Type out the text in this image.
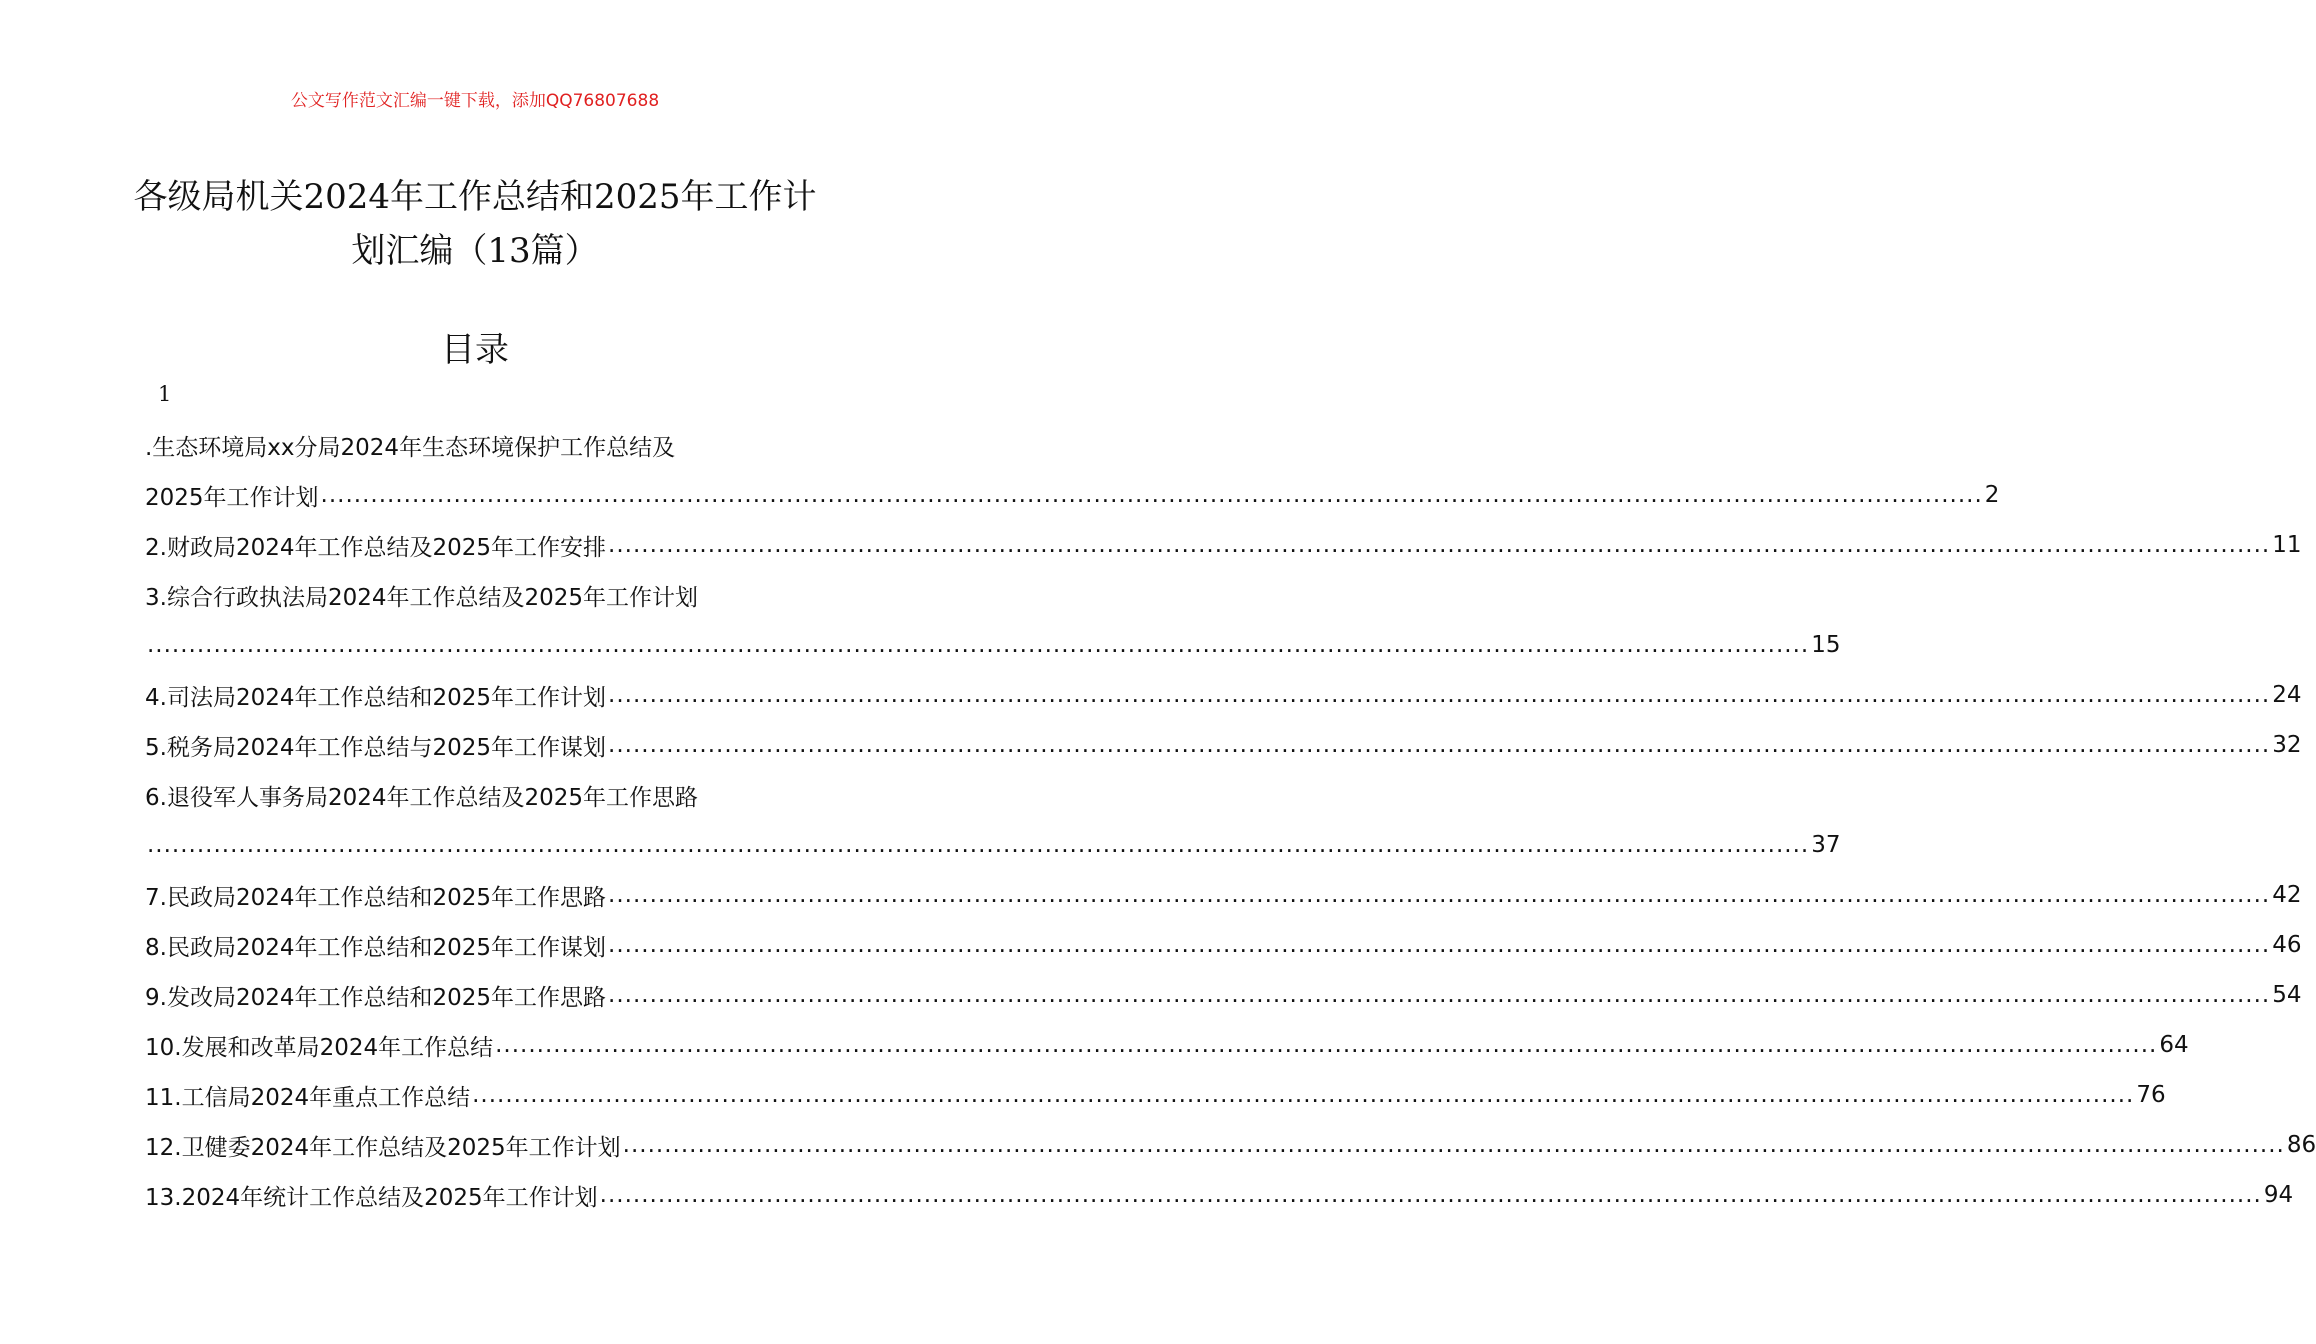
公文写作范文汇编一键下载，添加QQ76807688
各级局机关2024年工作总结和2025年工作计划汇编（13篇）
目录
1
.生态环境局xx分局2024年生态环境保护工作总结及
2025年工作计划 ........................................................................................................................................................................................................ 2
2.财政局2024年工作总结及2025年工作安排 ........................................................................................................................................................................................................ 11
3.综合行政执法局2024年工作总结及2025年工作计划
........................................................................................................................................................................................................ 15
4.司法局2024年工作总结和2025年工作计划 ........................................................................................................................................................................................................ 24
5.税务局2024年工作总结与2025年工作谋划 ........................................................................................................................................................................................................ 32
6.退役军人事务局2024年工作总结及2025年工作思路
........................................................................................................................................................................................................ 37
7.民政局2024年工作总结和2025年工作思路 ........................................................................................................................................................................................................ 42
8.民政局2024年工作总结和2025年工作谋划 ........................................................................................................................................................................................................ 46
9.发改局2024年工作总结和2025年工作思路 ........................................................................................................................................................................................................ 54
10.发展和改革局2024年工作总结 ........................................................................................................................................................................................................ 64
11.工信局2024年重点工作总结 ........................................................................................................................................................................................................ 76
12.卫健委2024年工作总结及2025年工作计划 ........................................................................................................................................................................................................ 86
13.2024年统计工作总结及2025年工作计划 ........................................................................................................................................................................................................ 94
